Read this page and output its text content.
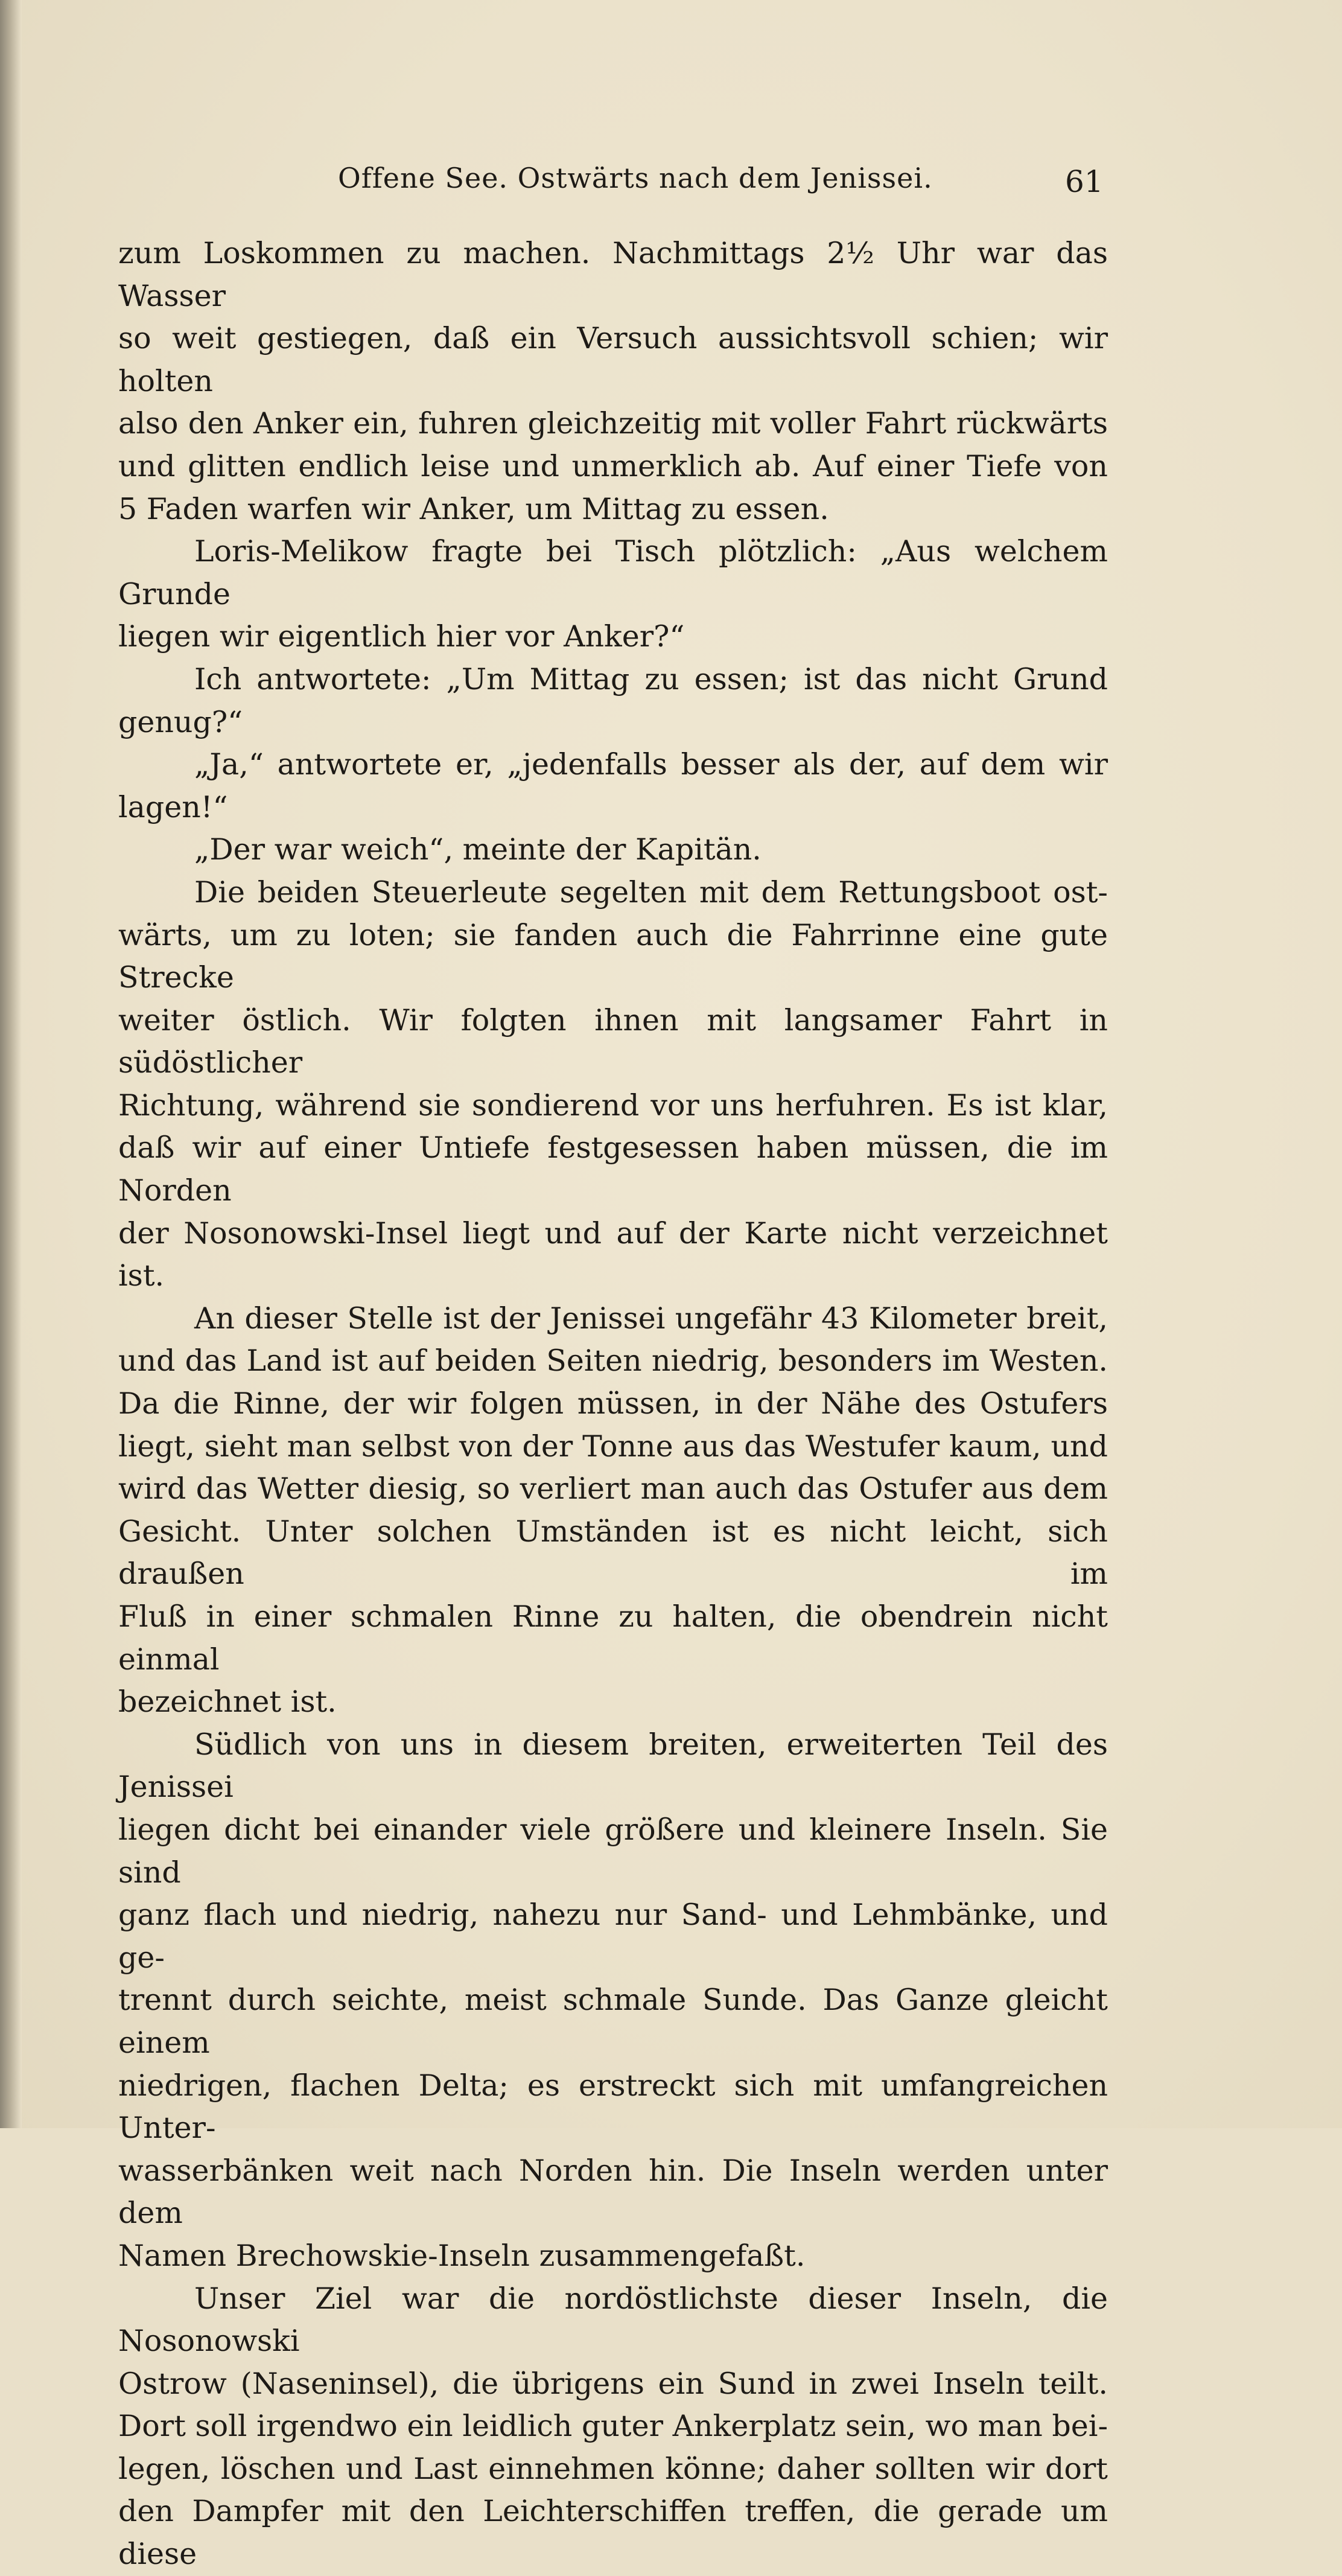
Offene See. Ostwärts nach dem Jenissei.	61

zum Loskommen zu machen. Nachmittags 2½ Uhr war das Wasser

so weit gestiegen, daß ein Versuch aussichtsvoll schien; wir holten

also den Anker ein, fuhren gleichzeitig mit voller Fahrt rückwärts

und glitten endlich leise und unmerklich ab. Auf einer Tiefe von

5 Faden warfen wir Anker, um Mittag zu essen.

Loris-Melikow fragte bei Tisch plötzlich: „Aus welchem Grunde

liegen wir eigentlich hier vor Anker?“

Ich antwortete: „Um Mittag zu essen; ist das nicht Grund

genug?“

„Ja,“ antwortete er, „jedenfalls besser als der, auf dem wir

lagen!“

„Der war weich“, meinte der Kapitän.

Die beiden Steuerleute segelten mit dem Rettungsboot ost-

wärts, um zu loten; sie fanden auch die Fahrrinne eine gute Strecke

weiter östlich. Wir folgten ihnen mit langsamer Fahrt in südöstlicher

Richtung, während sie sondierend vor uns herfuhren. Es ist klar,

daß wir auf einer Untiefe festgesessen haben müssen, die im Norden

der Nosonowski-Insel liegt und auf der Karte nicht verzeichnet ist.

An dieser Stelle ist der Jenissei ungefähr 43 Kilometer breit,

und das Land ist auf beiden Seiten niedrig, besonders im Westen.

Da die Rinne, der wir folgen müssen, in der Nähe des Ostufers

liegt, sieht man selbst von der Tonne aus das Westufer kaum, und

wird das Wetter diesig, so verliert man auch das Ostufer aus dem

Gesicht. Unter solchen Umständen ist es nicht leicht, sich draußen im

Fluß in einer schmalen Rinne zu halten, die obendrein nicht einmal

bezeichnet ist.

Südlich von uns in diesem breiten, erweiterten Teil des Jenissei

liegen dicht bei einander viele größere und kleinere Inseln. Sie sind

ganz flach und niedrig, nahezu nur Sand- und Lehmbänke, und ge-

trennt durch seichte, meist schmale Sunde. Das Ganze gleicht einem

niedrigen, flachen Delta; es erstreckt sich mit umfangreichen Unter-

wasserbänken weit nach Norden hin. Die Inseln werden unter dem

Namen Brechowskie-Inseln zusammengefaßt.

Unser Ziel war die nordöstlichste dieser Inseln, die Nosonowski

Ostrow (Naseninsel), die übrigens ein Sund in zwei Inseln teilt.

Dort soll irgendwo ein leidlich guter Ankerplatz sein, wo man bei-

legen, löschen und Last einnehmen könne; daher sollten wir dort

den Dampfer mit den Leichterschiffen treffen, die gerade um diese
